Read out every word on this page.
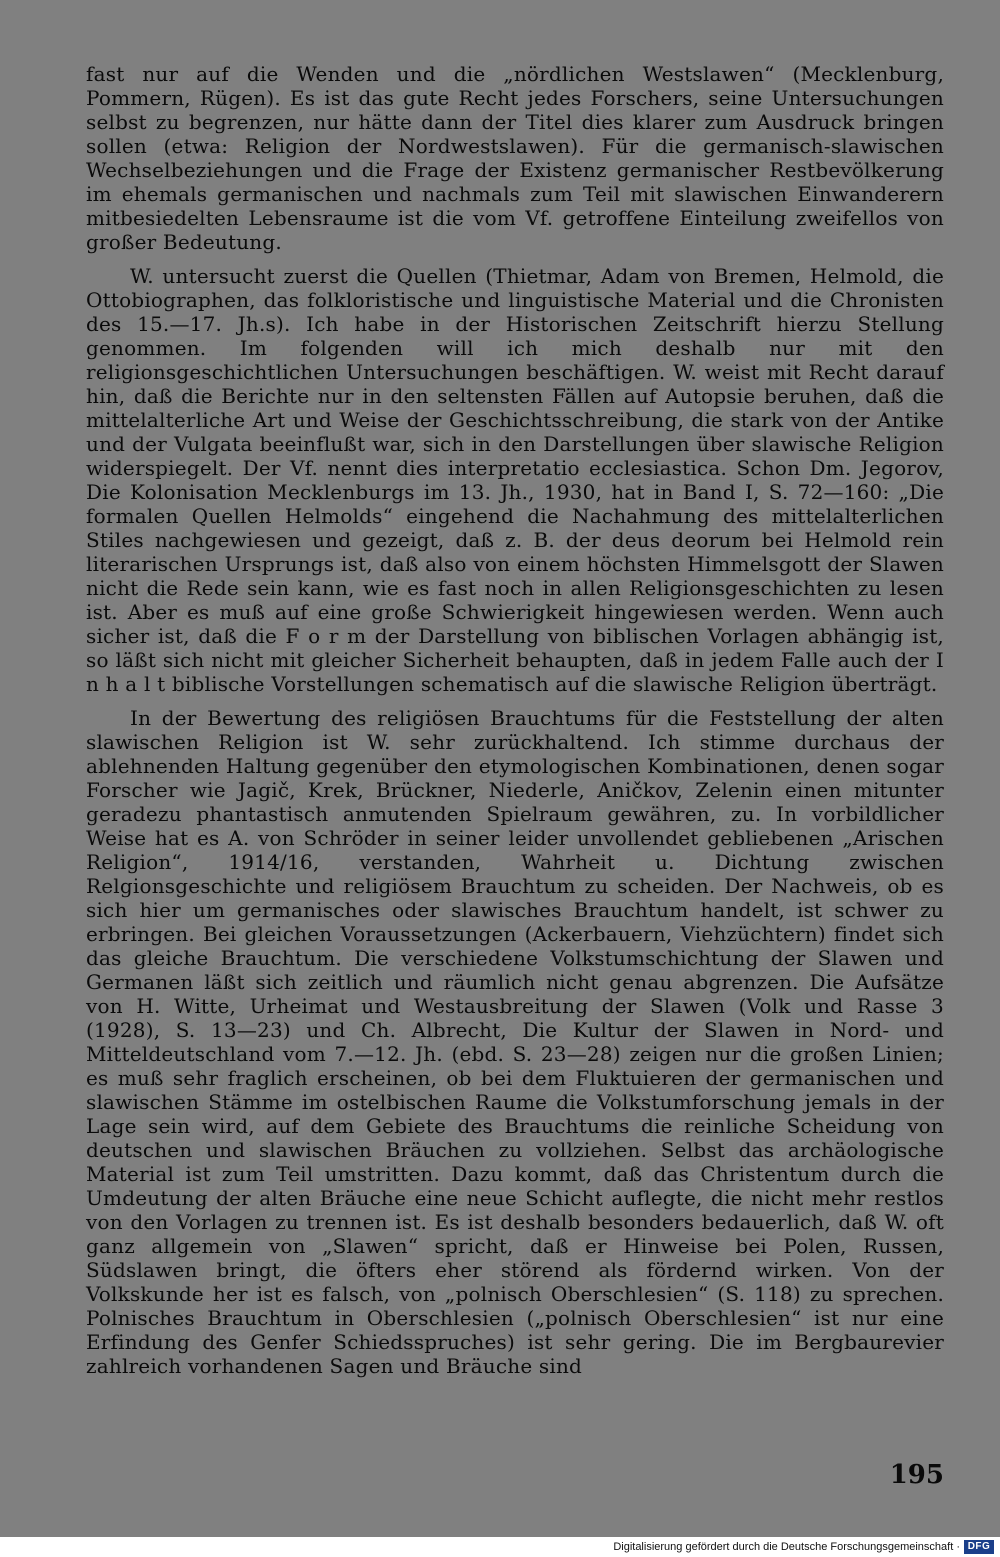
fast nur auf die Wenden und die „nördlichen Westslawen“ (Mecklenburg, Pommern, Rügen). Es ist das gute Recht jedes Forschers, seine Untersuchungen selbst zu begrenzen, nur hätte dann der Titel dies klarer zum Ausdruck bringen sollen (etwa: Religion der Nordwestslawen). Für die germanisch-slawischen Wechselbeziehungen und die Frage der Existenz germanischer Restbevölkerung im ehemals germanischen und nachmals zum Teil mit slawischen Einwanderern mitbesiedelten Lebensraume ist die vom Vf. getroffene Einteilung zweifellos von großer Bedeutung.

W. untersucht zuerst die Quellen (Thietmar, Adam von Bremen, Helmold, die Ottobiographen, das folkloristische und linguistische Material und die Chronisten des 15.—17. Jh.s). Ich habe in der Historischen Zeitschrift hierzu Stellung genommen. Im folgenden will ich mich deshalb nur mit den religionsgeschichtlichen Untersuchungen beschäftigen. W. weist mit Recht darauf hin, daß die Berichte nur in den seltensten Fällen auf Autopsie beruhen, daß die mittelalterliche Art und Weise der Geschichtsschreibung, die stark von der Antike und der Vulgata beeinflußt war, sich in den Darstellungen über slawische Religion widerspiegelt. Der Vf. nennt dies interpretatio ecclesiastica. Schon Dm. Jegorov, Die Kolonisation Mecklenburgs im 13. Jh., 1930, hat in Band I, S. 72—160: „Die formalen Quellen Helmolds“ eingehend die Nachahmung des mittelalterlichen Stiles nachgewiesen und gezeigt, daß z. B. der deus deorum bei Helmold rein literarischen Ursprungs ist, daß also von einem höchsten Himmelsgott der Slawen nicht die Rede sein kann, wie es fast noch in allen Religionsgeschichten zu lesen ist. Aber es muß auf eine große Schwierigkeit hingewiesen werden. Wenn auch sicher ist, daß die F o r m der Darstellung von biblischen Vorlagen abhängig ist, so läßt sich nicht mit gleicher Sicherheit behaupten, daß in jedem Falle auch der I n h a l t biblische Vorstellungen schematisch auf die slawische Religion überträgt.

In der Bewertung des religiösen Brauchtums für die Feststellung der alten slawischen Religion ist W. sehr zurückhaltend. Ich stimme durchaus der ablehnenden Haltung gegenüber den etymologischen Kombinationen, denen sogar Forscher wie Jagič, Krek, Brückner, Niederle, Aničkov, Zelenin einen mitunter geradezu phantastisch anmutenden Spielraum gewähren, zu. In vorbildlicher Weise hat es A. von Schröder in seiner leider unvollendet gebliebenen „Arischen Religion“, 1914/16, verstanden, Wahrheit u. Dichtung zwischen Relgionsgeschichte und religiösem Brauchtum zu scheiden. Der Nachweis, ob es sich hier um germanisches oder slawisches Brauchtum handelt, ist schwer zu erbringen. Bei gleichen Voraussetzungen (Ackerbauern, Viehzüchtern) findet sich das gleiche Brauchtum. Die verschiedene Volkstumschichtung der Slawen und Germanen läßt sich zeitlich und räumlich nicht genau abgrenzen. Die Aufsätze von H. Witte, Urheimat und Westausbreitung der Slawen (Volk und Rasse 3 (1928), S. 13—23) und Ch. Albrecht, Die Kultur der Slawen in Nord- und Mitteldeutschland vom 7.—12. Jh. (ebd. S. 23—28) zeigen nur die großen Linien; es muß sehr fraglich erscheinen, ob bei dem Fluktuieren der germanischen und slawischen Stämme im ostelbischen Raume die Volkstumforschung jemals in der Lage sein wird, auf dem Gebiete des Brauchtums die reinliche Scheidung von deutschen und slawischen Bräuchen zu vollziehen. Selbst das archäologische Material ist zum Teil umstritten. Dazu kommt, daß das Christentum durch die Umdeutung der alten Bräuche eine neue Schicht auflegte, die nicht mehr restlos von den Vorlagen zu trennen ist. Es ist deshalb besonders bedauerlich, daß W. oft ganz allgemein von „Slawen“ spricht, daß er Hinweise bei Polen, Russen, Südslawen bringt, die öfters eher störend als fördernd wirken. Von der Volkskunde her ist es falsch, von „polnisch Oberschlesien“ (S. 118) zu sprechen. Polnisches Brauchtum in Oberschlesien („polnisch Oberschlesien“ ist nur eine Erfindung des Genfer Schiedsspruches) ist sehr gering. Die im Bergbaurevier zahlreich vorhandenen Sagen und Bräuche sind

195
Digitalisierung gefördert durch die Deutsche Forschungsgemeinschaft · DFG
